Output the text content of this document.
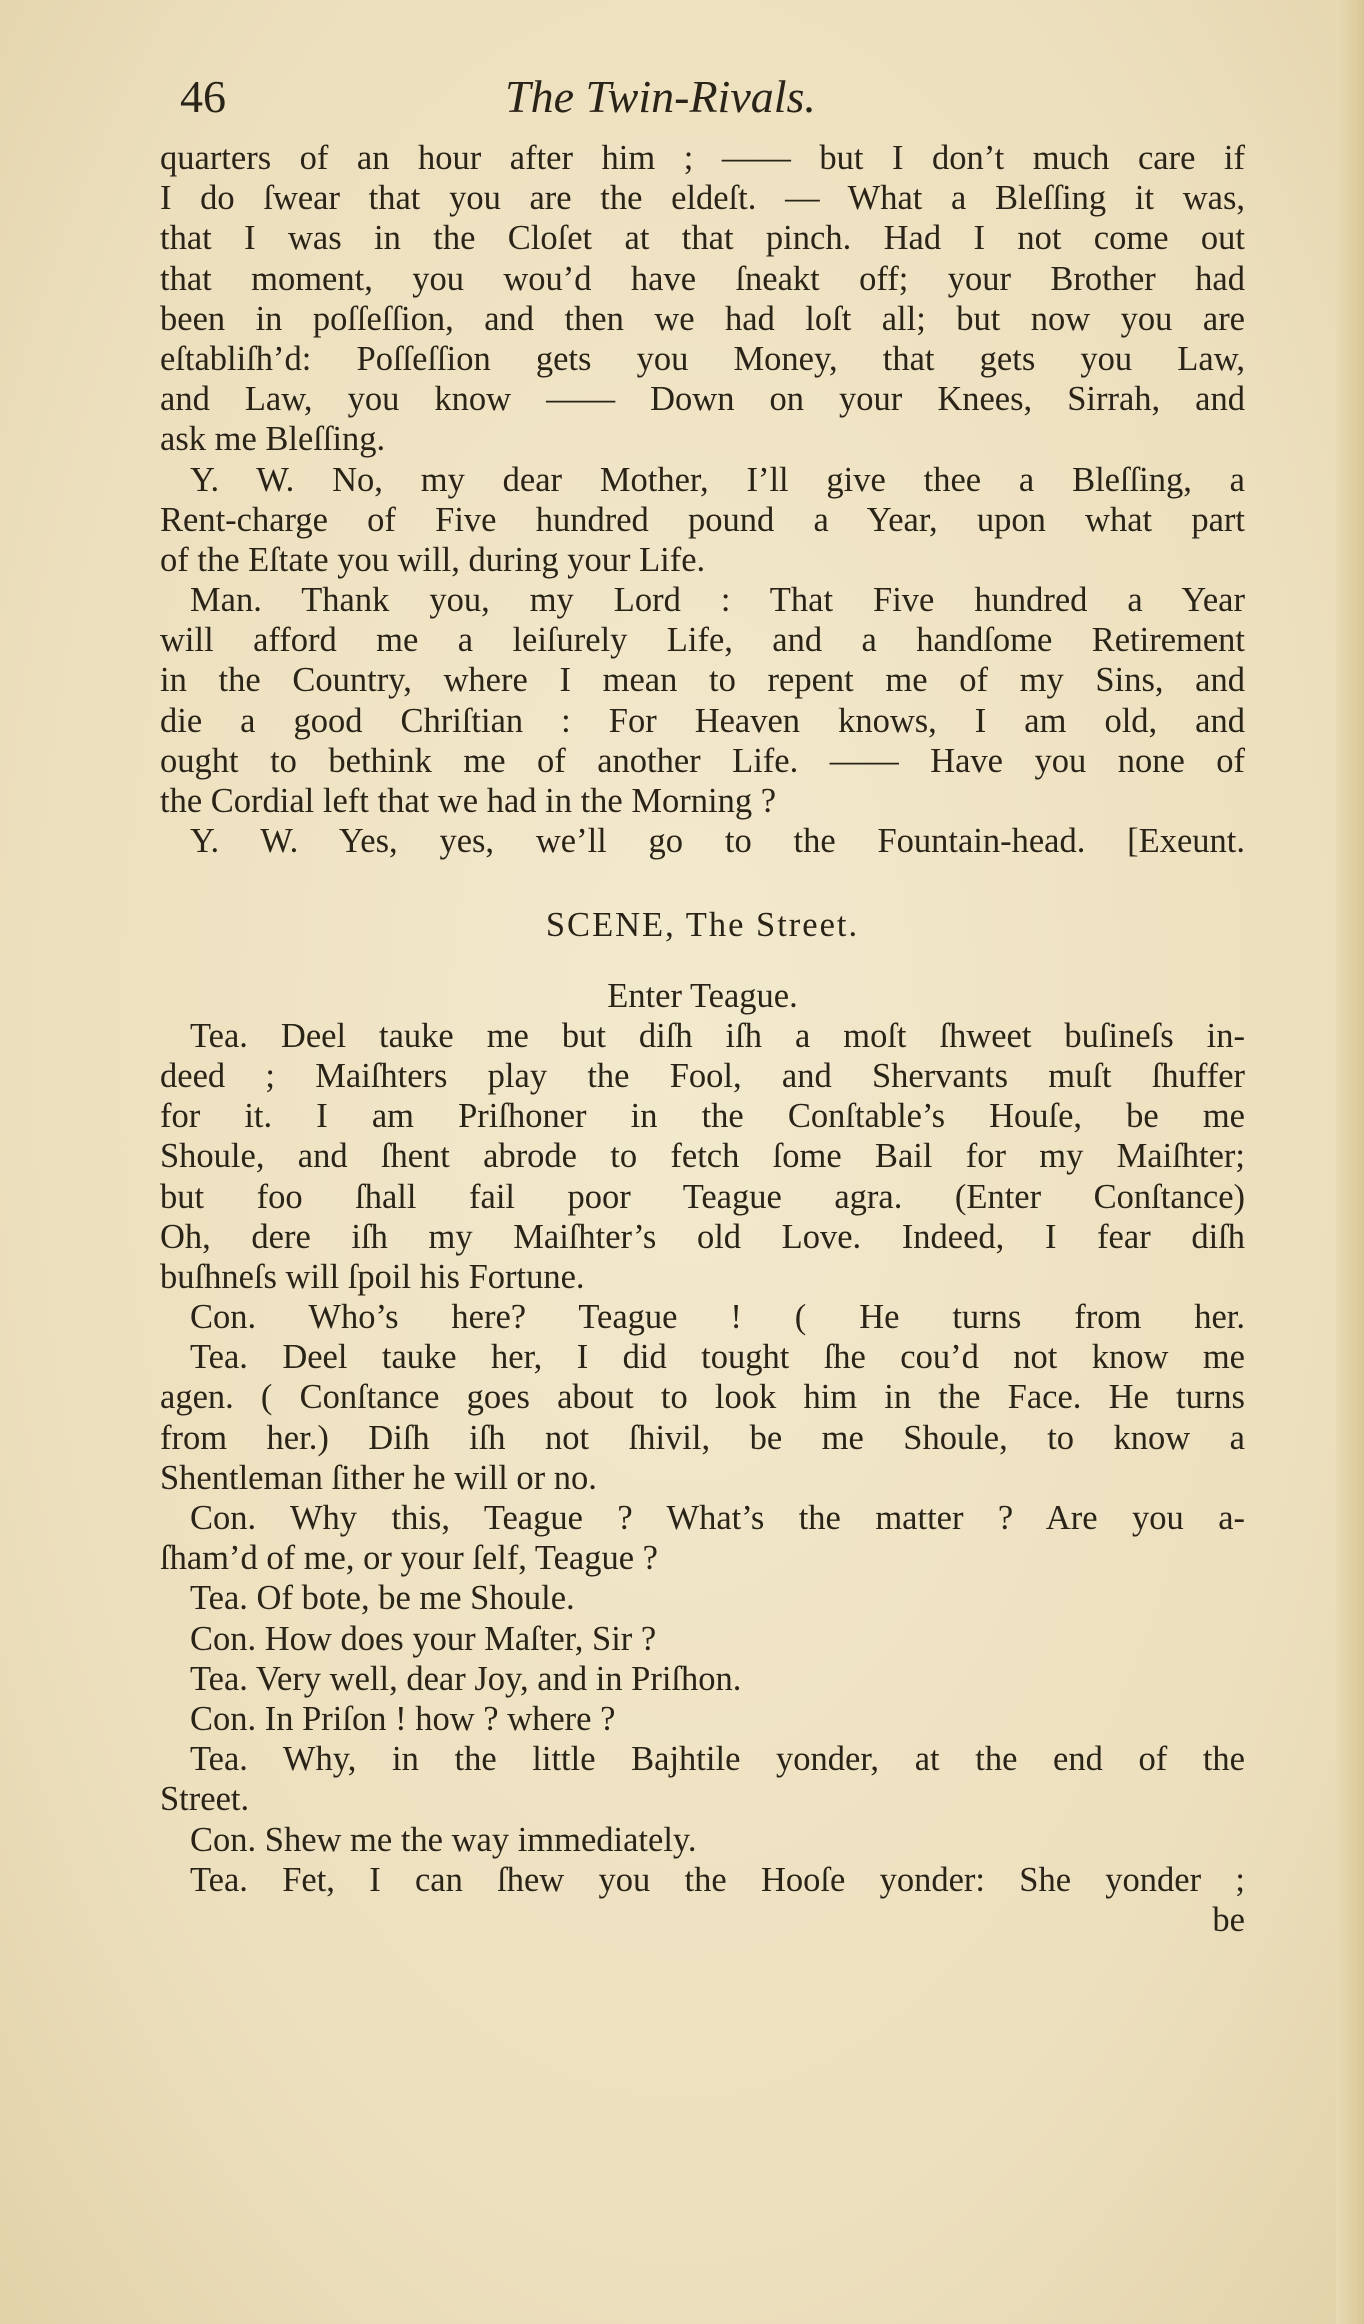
46	The Twin-Rivals.
quarters of an hour after him ; —— but I don’t much care if
I do ſwear that you are the eldeſt. — What a Bleſſing it was,
that I was in the Cloſet at that pinch. Had I not come out
that moment, you wou’d have ſneakt off; your Brother had
been in poſſeſſion, and then we had loſt all; but now you are
eſtabliſh’d: Poſſeſſion gets you Money, that gets you Law,
and Law, you know —— Down on your Knees, Sirrah, and
ask me Bleſſing.
Y. W. No, my dear Mother, I’ll give thee a Bleſſing, a
Rent-charge of Five hundred pound a Year, upon what part
of the Eſtate you will, during your Life.
Man. Thank you, my Lord : That Five hundred a Year
will afford me a leiſurely Life, and a handſome Retirement
in the Country, where I mean to repent me of my Sins, and
die a good Chriſtian : For Heaven knows, I am old, and
ought to bethink me of another Life. —— Have you none of
the Cordial left that we had in the Morning ?
Y. W. Yes, yes, we’ll go to the Fountain-head. [Exeunt.
SCENE, The Street.
Enter Teague.
Tea. Deel tauke me but diſh iſh a moſt ſhweet buſineſs in-
deed ; Maiſhters play the Fool, and Shervants muſt ſhuffer
for it. I am Priſhoner in the Conſtable’s Houſe, be me
Shoule, and ſhent abrode to fetch ſome Bail for my Maiſhter;
but foo ſhall fail poor Teague agra. (Enter Conſtance)
Oh, dere iſh my Maiſhter’s old Love. Indeed, I fear diſh
buſhneſs will ſpoil his Fortune.
Con. Who’s here? Teague ! ( He turns from her.
Tea. Deel tauke her, I did tought ſhe cou’d not know me
agen. ( Conſtance goes about to look him in the Face. He turns
from her.) Diſh iſh not ſhivil, be me Shoule, to know a
Shentleman ſither he will or no.
Con. Why this, Teague ? What’s the matter ? Are you a-
ſham’d of me, or your ſelf, Teague ?
Tea. Of bote, be me Shoule.
Con. How does your Maſter, Sir ?
Tea. Very well, dear Joy, and in Priſhon.
Con. In Priſon ! how ? where ?
Tea. Why, in the little Bajhtile yonder, at the end of the
Street.
Con. Shew me the way immediately.
Tea. Fet, I can ſhew you the Hooſe yonder: She yonder ;
be
